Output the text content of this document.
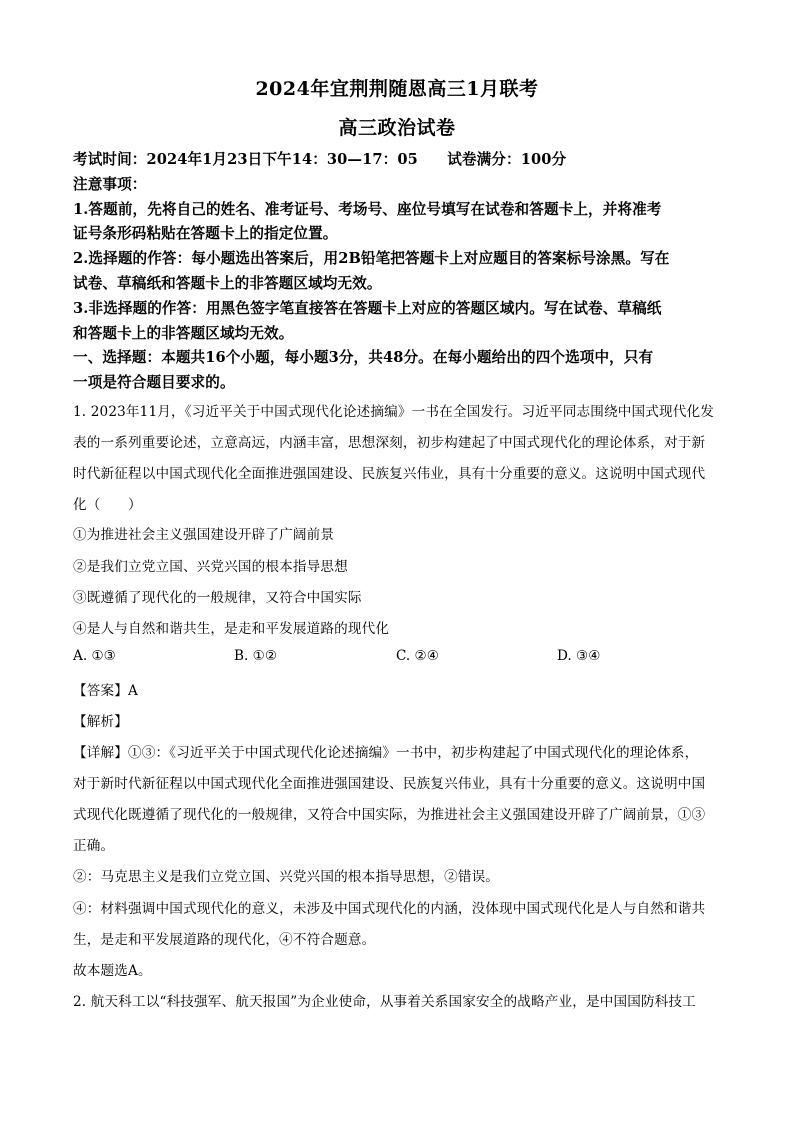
2024年宜荆荆随恩高三1月联考
高三政治试卷
考试时间：2024年1月23日下午14：30—17：05　　试卷满分：100分
注意事项：
1.答题前，先将自己的姓名、准考证号、考场号、座位号填写在试卷和答题卡上，并将准考
证号条形码粘贴在答题卡上的指定位置。
2.选择题的作答：每小题选出答案后，用2B铅笔把答题卡上对应题目的答案标号涂黑。写在
试卷、草稿纸和答题卡上的非答题区域均无效。
3.非选择题的作答：用黑色签字笔直接答在答题卡上对应的答题区域内。写在试卷、草稿纸
和答题卡上的非答题区域均无效。
一、选择题：本题共16个小题，每小题3分，共48分。在每小题给出的四个选项中，只有
一项是符合题目要求的。
1. 2023年11月，《习近平关于中国式现代化论述摘编》一书在全国发行。习近平同志围绕中国式现代化发
表的一系列重要论述，立意高远，内涵丰富，思想深刻，初步构建起了中国式现代化的理论体系，对于新
时代新征程以中国式现代化全面推进强国建设、民族复兴伟业，具有十分重要的意义。这说明中国式现代
化（　　）
①为推进社会主义强国建设开辟了广阔前景
②是我们立党立国、兴党兴国的根本指导思想
③既遵循了现代化的一般规律，又符合中国实际
④是人与自然和谐共生，是走和平发展道路的现代化
A. ①③	B. ①②	C. ②④	D. ③④
【答案】A
【解析】
【详解】①③：《习近平关于中国式现代化论述摘编》一书中，初步构建起了中国式现代化的理论体系，
对于新时代新征程以中国式现代化全面推进强国建设、民族复兴伟业，具有十分重要的意义。这说明中国
式现代化既遵循了现代化的一般规律，又符合中国实际，为推进社会主义强国建设开辟了广阔前景，①③
正确。
②：马克思主义是我们立党立国、兴党兴国的根本指导思想，②错误。
④：材料强调中国式现代化的意义，未涉及中国式现代化的内涵，没体现中国式现代化是人与自然和谐共
生，是走和平发展道路的现代化，④不符合题意。
故本题选A。
2. 航天科工以“科技强军、航天报国”为企业使命，从事着关系国家安全的战略产业，是中国国防科技工
